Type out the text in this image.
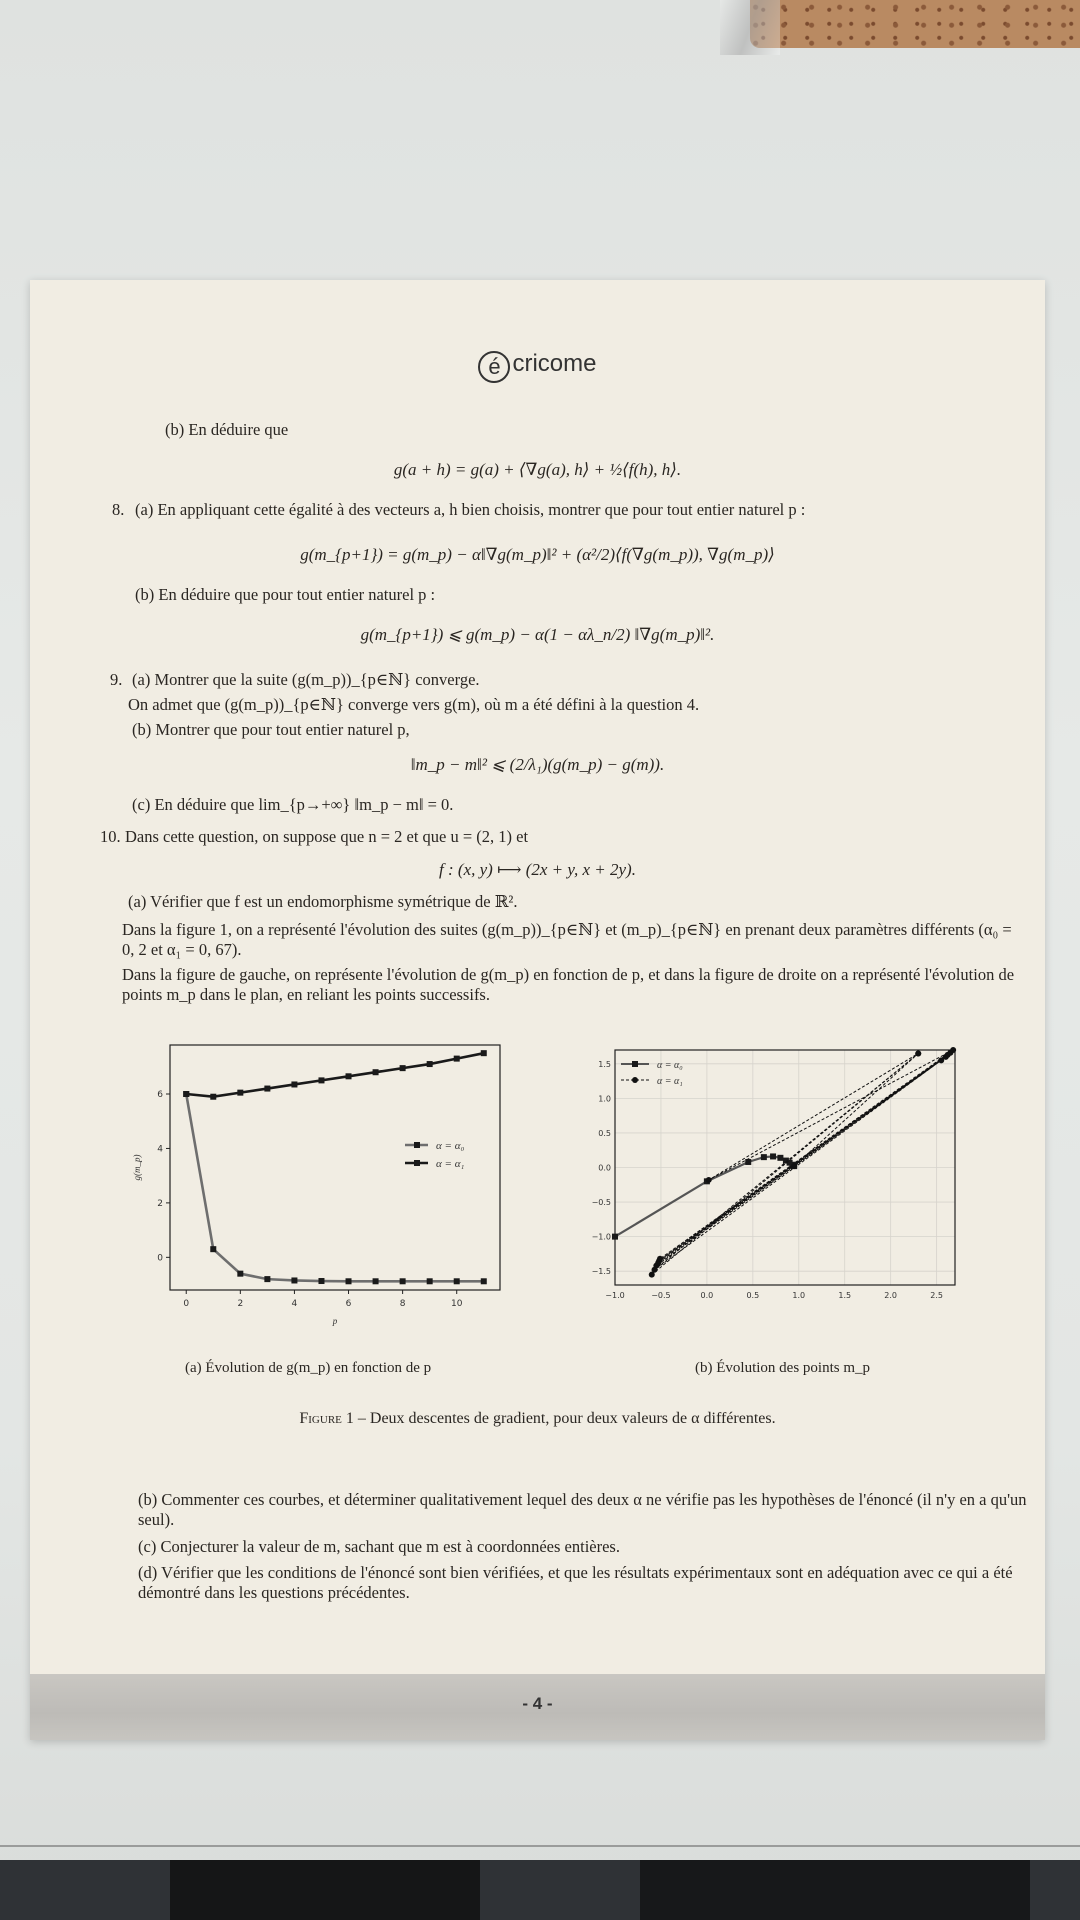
é cricome
(b) En déduire que
g(a + h) = g(a) + ⟨∇g(a), h⟩ + ½⟨f(h), h⟩.
8. (a) En appliquant cette égalité à des vecteurs a, h bien choisis, montrer que pour tout entier naturel p :
g(m_{p+1}) = g(m_p) − α‖∇g(m_p)‖² + (α²/2)⟨f(∇g(m_p)), ∇g(m_p)⟩
(b) En déduire que pour tout entier naturel p :
g(m_{p+1}) ⩽ g(m_p) − α(1 − αλ_n/2) ‖∇g(m_p)‖².
9. (a) Montrer que la suite (g(m_p))_{p∈ℕ} converge.
On admet que (g(m_p))_{p∈ℕ} converge vers g(m), où m a été défini à la question 4.
(b) Montrer que pour tout entier naturel p,
‖m_p − m‖² ⩽ (2/λ₁)(g(m_p) − g(m)).
(c) En déduire que lim_{p→+∞} ‖m_p − m‖ = 0.
10. Dans cette question, on suppose que n = 2 et que u = (2, 1) et
f : (x, y) ⟼ (2x + y, x + 2y).
(a) Vérifier que f est un endomorphisme symétrique de ℝ².
Dans la figure 1, on a représenté l'évolution des suites (g(m_p))_{p∈ℕ} et (m_p)_{p∈ℕ} en prenant deux paramètres différents (α₀ = 0, 2 et α₁ = 0, 67).
Dans la figure de gauche, on représente l'évolution de g(m_p) en fonction de p, et dans la figure de droite on a représenté l'évolution de points m_p dans le plan, en reliant les points successifs.
0	2	4	6	8	10
0
2
4
6
p
g(m_p)
α = α₀
α = α₁
−1.0	−0.5	0.0	0.5	1.0	1.5	2.0	2.5
1.5
1.0
0.5
0.0
−0.5
−1.0
−1.5
α = α₀
α = α₁
(a) Évolution de g(m_p) en fonction de p	(b) Évolution des points m_p
Figure 1 – Deux descentes de gradient, pour deux valeurs de α différentes.
(b) Commenter ces courbes, et déterminer qualitativement lequel des deux α ne vérifie pas les hypothèses de l'énoncé (il n'y en a qu'un seul).
(c) Conjecturer la valeur de m, sachant que m est à coordonnées entières.
(d) Vérifier que les conditions de l'énoncé sont bien vérifiées, et que les résultats expérimentaux sont en adéquation avec ce qui a été démontré dans les questions précédentes.
- 4 -
